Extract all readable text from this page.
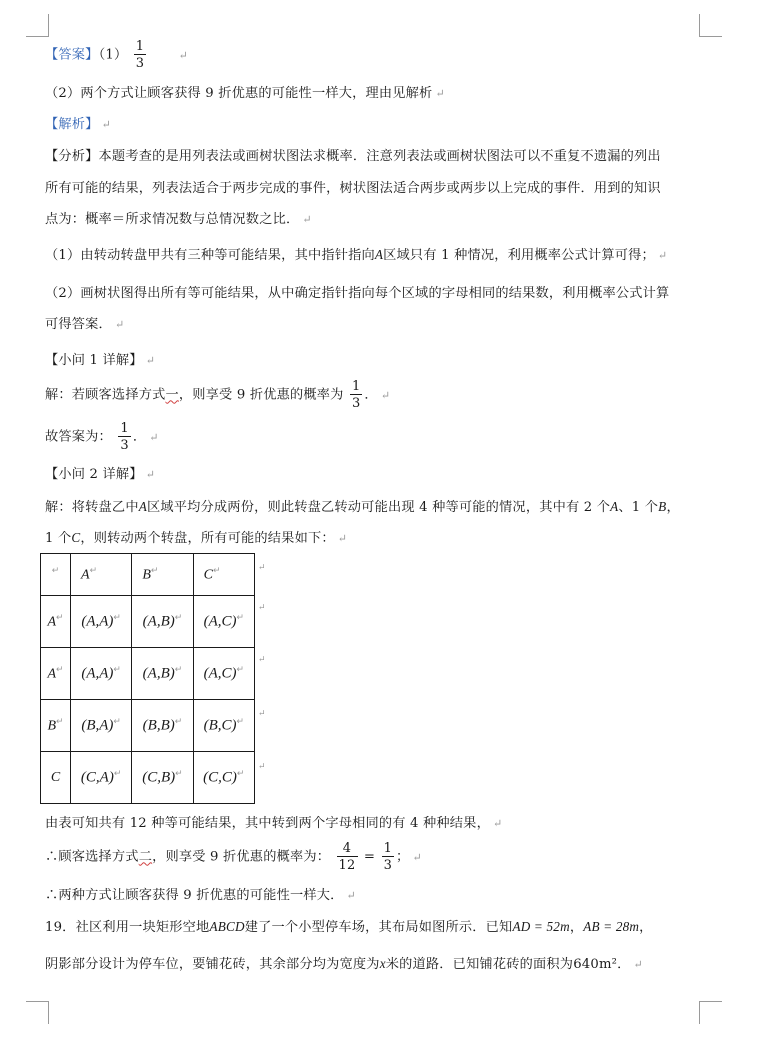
【答案】$(1) \frac{1}{3}$	↵
（2）两个方式让顾客获得 9 折优惠的可能性一样大，理由见解析 ↵
【解析】 ↵
【分析】本题考查的是用列表法或画树状图法求概率．注意列表法或画树状图法可以不重复不遗漏的列出
所有可能的结果，列表法适合于两步完成的事件，树状图法适合两步或两步以上完成的事件．用到的知识
点为：概率＝所求情况数与总情况数之比． ↵
（1）由转动转盘甲共有三种等可能结果，其中指针指向A区域只有 1 种情况，利用概率公式计算可得； ↵
（2）画树状图得出所有等可能结果，从中确定指针指向每个区域的字母相同的结果数，利用概率公式计算
可得答案． ↵
【小问 1 详解】 ↵
解：若顾客选择方式一，则享受 9 折优惠的概率为 $\frac{1}{3}$ ． ↵
故答案为： $\frac{1}{3}$ ． ↵
【小问 2 详解】 ↵
解：将转盘乙中A区域平均分成两份，则此转盘乙转动可能出现 4 种等可能的情况，其中有 2 个A、1 个B，
1 个C，则转动两个转盘，所有可能的结果如下： ↵
↵	A↵	B↵	C↵
A↵	(A,A)↵	(A,B)↵	(A,C)↵
A↵	(A,A)↵	(A,B)↵	(A,C)↵
B↵	(B,A)↵	(B,B)↵	(B,C)↵
C	(C,A)↵	(C,B)↵	(C,C)↵
↵
↵
↵
↵
↵
由表可知共有 12 种等可能结果，其中转到两个字母相同的有 4 种种结果， ↵
∴顾客选择方式二，则享受 9 折优惠的概率为： $\frac{4}{12} = \frac{1}{3}$ ； ↵
∴两种方式让顾客获得 9 折优惠的可能性一样大． ↵
19．社区利用一块矩形空地ABCD建了一个小型停车场，其布局如图所示．已知AD = 52m，AB = 28m，
阴影部分设计为停车位，要铺花砖，其余部分均为宽度为x米的道路．已知铺花砖的面积为640m²． ↵
